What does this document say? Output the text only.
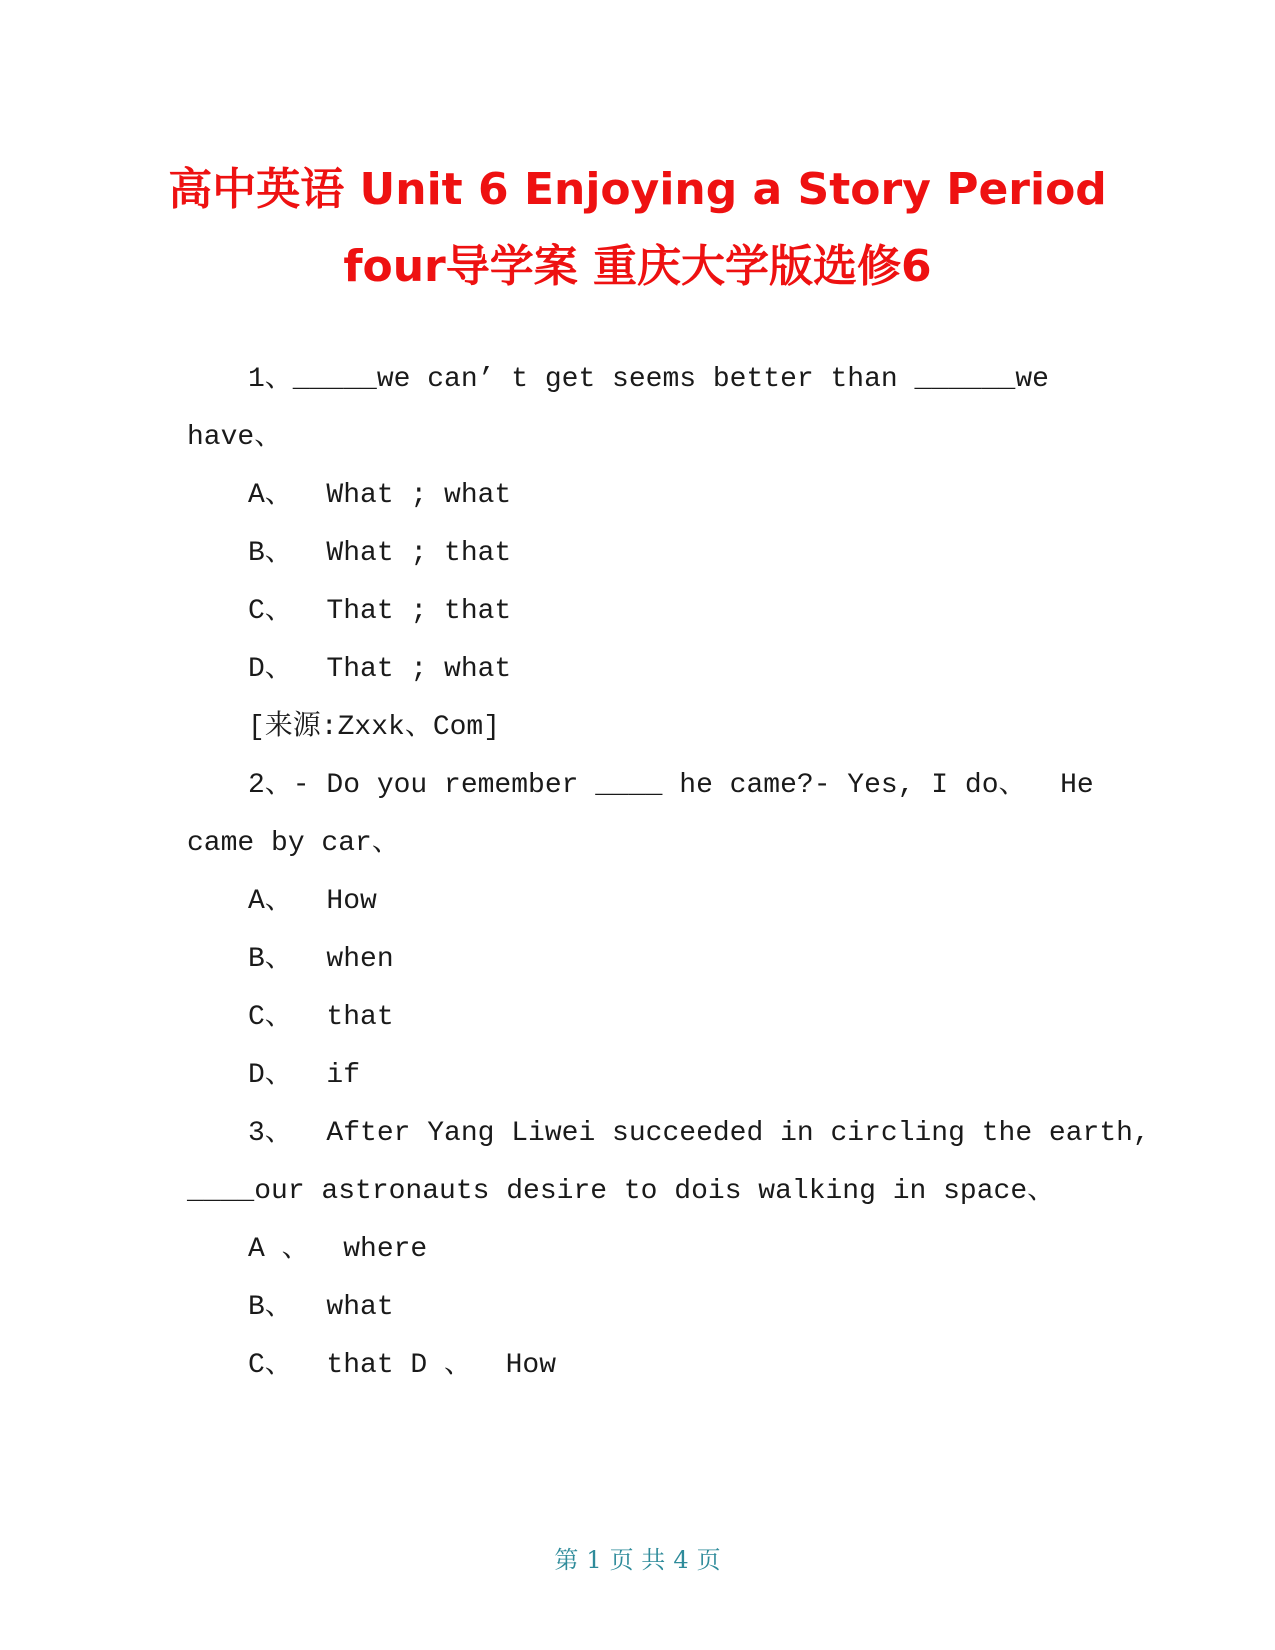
高中英语 Unit 6 Enjoying a Story Period
four导学案 重庆大学版选修6
1、_____we can’ t get seems better than ______we
have、
A、  What ; what
B、  What ; that
C、  That ; that
D、  That ; what
[来源:Zxxk、Com]
2、- Do you remember ____ he came?- Yes, I do、  He
came by car、
A、  How
B、  when
C、  that
D、  if
3、  After Yang Liwei succeeded in circling the earth,
____our astronauts desire to dois walking in space、
A 、  where
B、  what
C、  that D 、  How
第 1 页 共 4 页
